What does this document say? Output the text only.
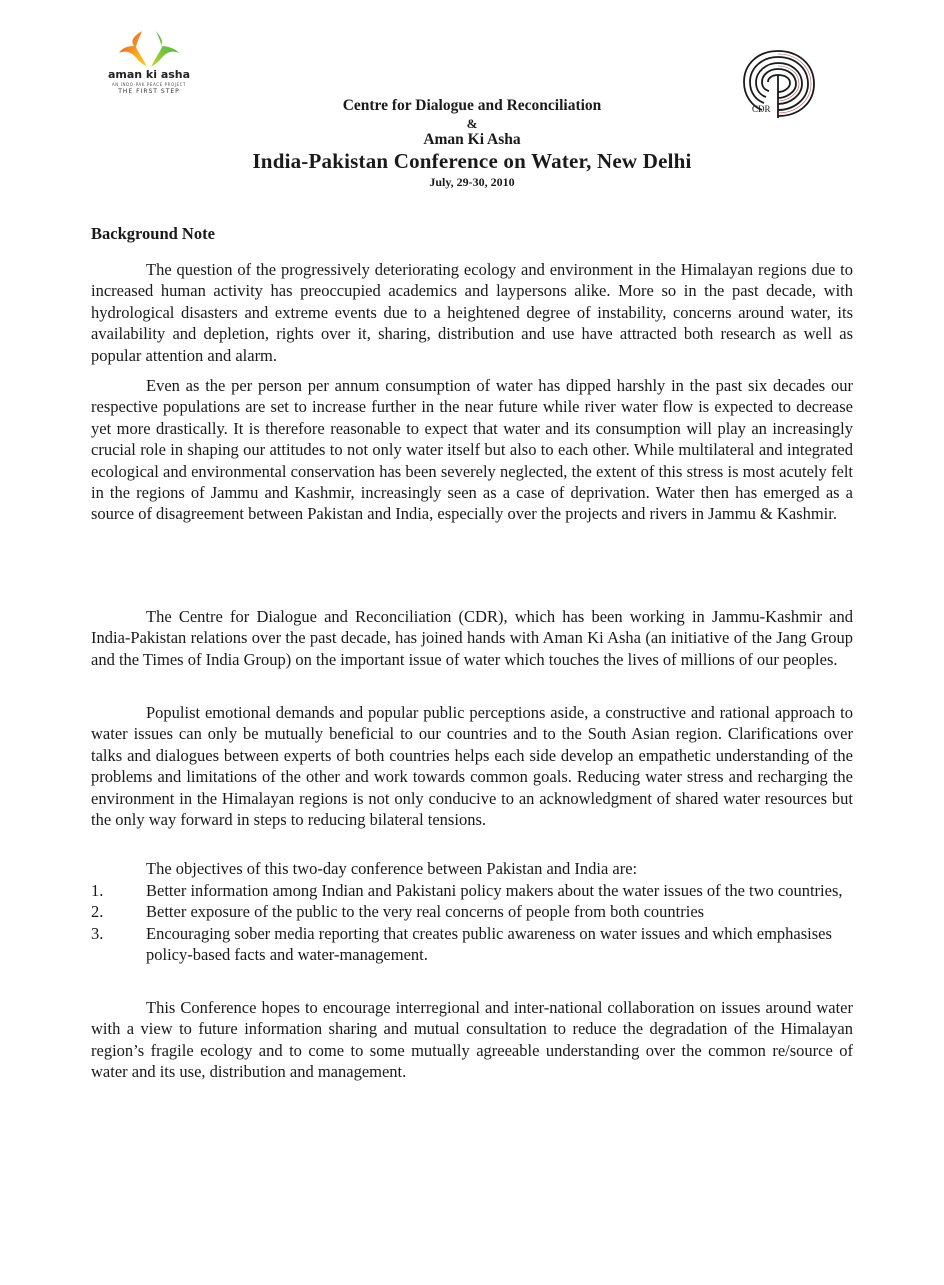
aman ki asha
AN INDO-PAK PEACE PROJECT
THE FIRST STEP
CDR
Centre for Dialogue and Reconciliation
&
Aman Ki Asha
India-Pakistan Conference on Water, New Delhi
July, 29-30, 2010
Background Note
The question of the progressively deteriorating ecology and environment in the Himalayan regions due to increased human activity has preoccupied academics and laypersons alike. More so in the past decade, with hydrological disasters and extreme events due to a heightened degree of instability, concerns around water, its availability and depletion, rights over it, sharing, distribution and use have attracted both research as well as popular attention and alarm.
Even as the per person per annum consumption of water has dipped harshly in the past six decades our respective populations are set to increase further in the near future while river water flow is expected to decrease yet more drastically. It is therefore reasonable to expect that water and its consumption will play an increasingly crucial role in shaping our attitudes to not only water itself but also to each other. While multilateral and integrated ecological and environmental conservation has been severely neglected, the extent of this stress is most acutely felt in the regions of Jammu and Kashmir, increasingly seen as a case of deprivation. Water then has emerged as a source of disagreement between Pakistan and India, especially over the projects and rivers in Jammu & Kashmir.
The Centre for Dialogue and Reconciliation (CDR), which has been working in Jammu-Kashmir and India-Pakistan relations over the past decade, has joined hands with Aman Ki Asha (an initiative of the Jang Group and the Times of India Group) on the important issue of water which touches the lives of millions of our peoples.
Populist emotional demands and popular public perceptions aside, a constructive and rational approach to water issues can only be mutually beneficial to our countries and to the South Asian region. Clarifications over talks and dialogues between experts of both countries helps each side develop an empathetic understanding of the problems and limitations of the other and work towards common goals. Reducing water stress and recharging the environment in the Himalayan regions is not only conducive to an acknowledgment of shared water resources but the only way forward in steps to reducing bilateral tensions.
The objectives of this two-day conference between Pakistan and India are:
1.	Better information among Indian and Pakistani policy makers about the water issues of the two countries,
2.	Better exposure of the public to the very real concerns of people from both countries
3.	Encouraging sober media reporting that creates public awareness on water issues and which emphasises policy-based facts and water-management.
This Conference hopes to encourage interregional and inter-national collaboration on issues around water with a view to future information sharing and mutual consultation to reduce the degradation of the Himalayan region’s fragile ecology and to come to some mutually agreeable understanding over the common re/source of water and its use, distribution and management.
